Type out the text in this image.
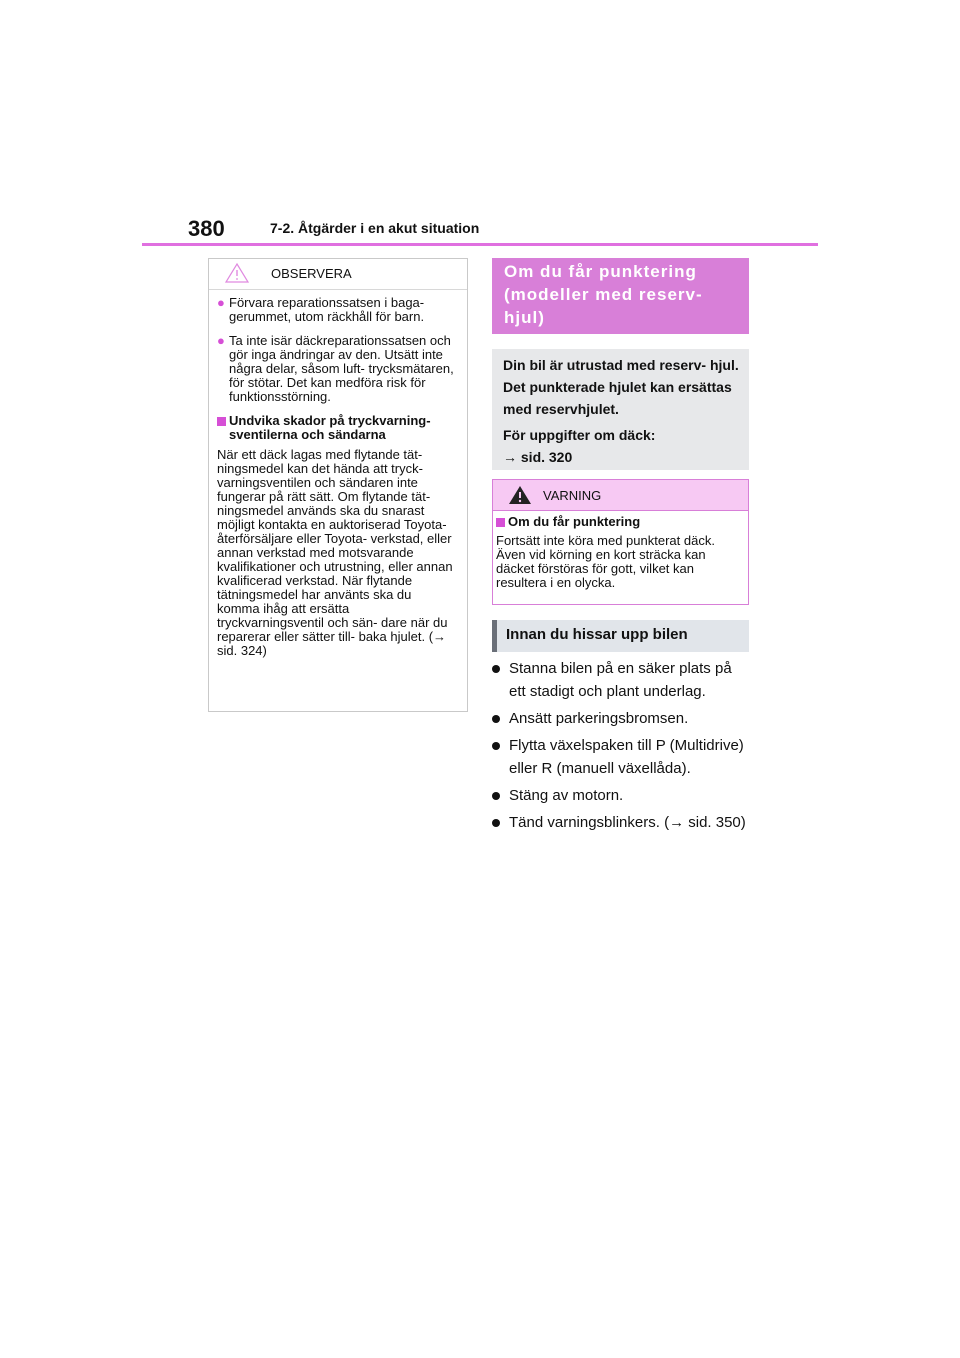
380	7-2. Åtgärder i en akut situation
OBSERVERA
● Förvara reparationssatsen i baga- gerummet, utom räckhåll för barn.
● Ta inte isär däckreparationssatsen och gör inga ändringar av den. Utsätt inte några delar, såsom luft- trycksmätaren, för stötar. Det kan medföra risk för funktionsstörning.
Undvika skador på tryckvarning- sventilerna och sändarna

När ett däck lagas med flytande tät- ningsmedel kan det hända att tryck- varningsventilen och sändaren inte fungerar på rätt sätt. Om flytande tät- ningsmedel används ska du snarast möjligt kontakta en auktoriserad Toyota-återförsäljare eller Toyota- verkstad, eller annan verkstad med motsvarande kvalifikationer och utrustning, eller annan kvalificerad verkstad. När flytande tätningsmedel har använts ska du komma ihåg att ersätta tryckvarningsventil och sän- dare när du reparerar eller sätter till- baka hjulet. (→ sid. 324)

Om du får punktering (modeller med reserv- hjul)

Din bil är utrustad med reserv- hjul. Det punkterade hjulet kan ersättas med reservhjulet.

För uppgifter om däck:

→ sid. 320

VARNING
Om du får punktering

Fortsätt inte köra med punkterat däck. Även vid körning en kort sträcka kan däcket förstöras för gott, vilket kan resultera i en olycka.

Innan du hissar upp bilen
Stanna bilen på en säker plats på ett stadigt och plant underlag.
Ansätt parkeringsbromsen.
Flytta växelspaken till P (Multidrive) eller R (manuell växellåda).
Stäng av motorn.
Tänd varningsblinkers. (→ sid. 350)
